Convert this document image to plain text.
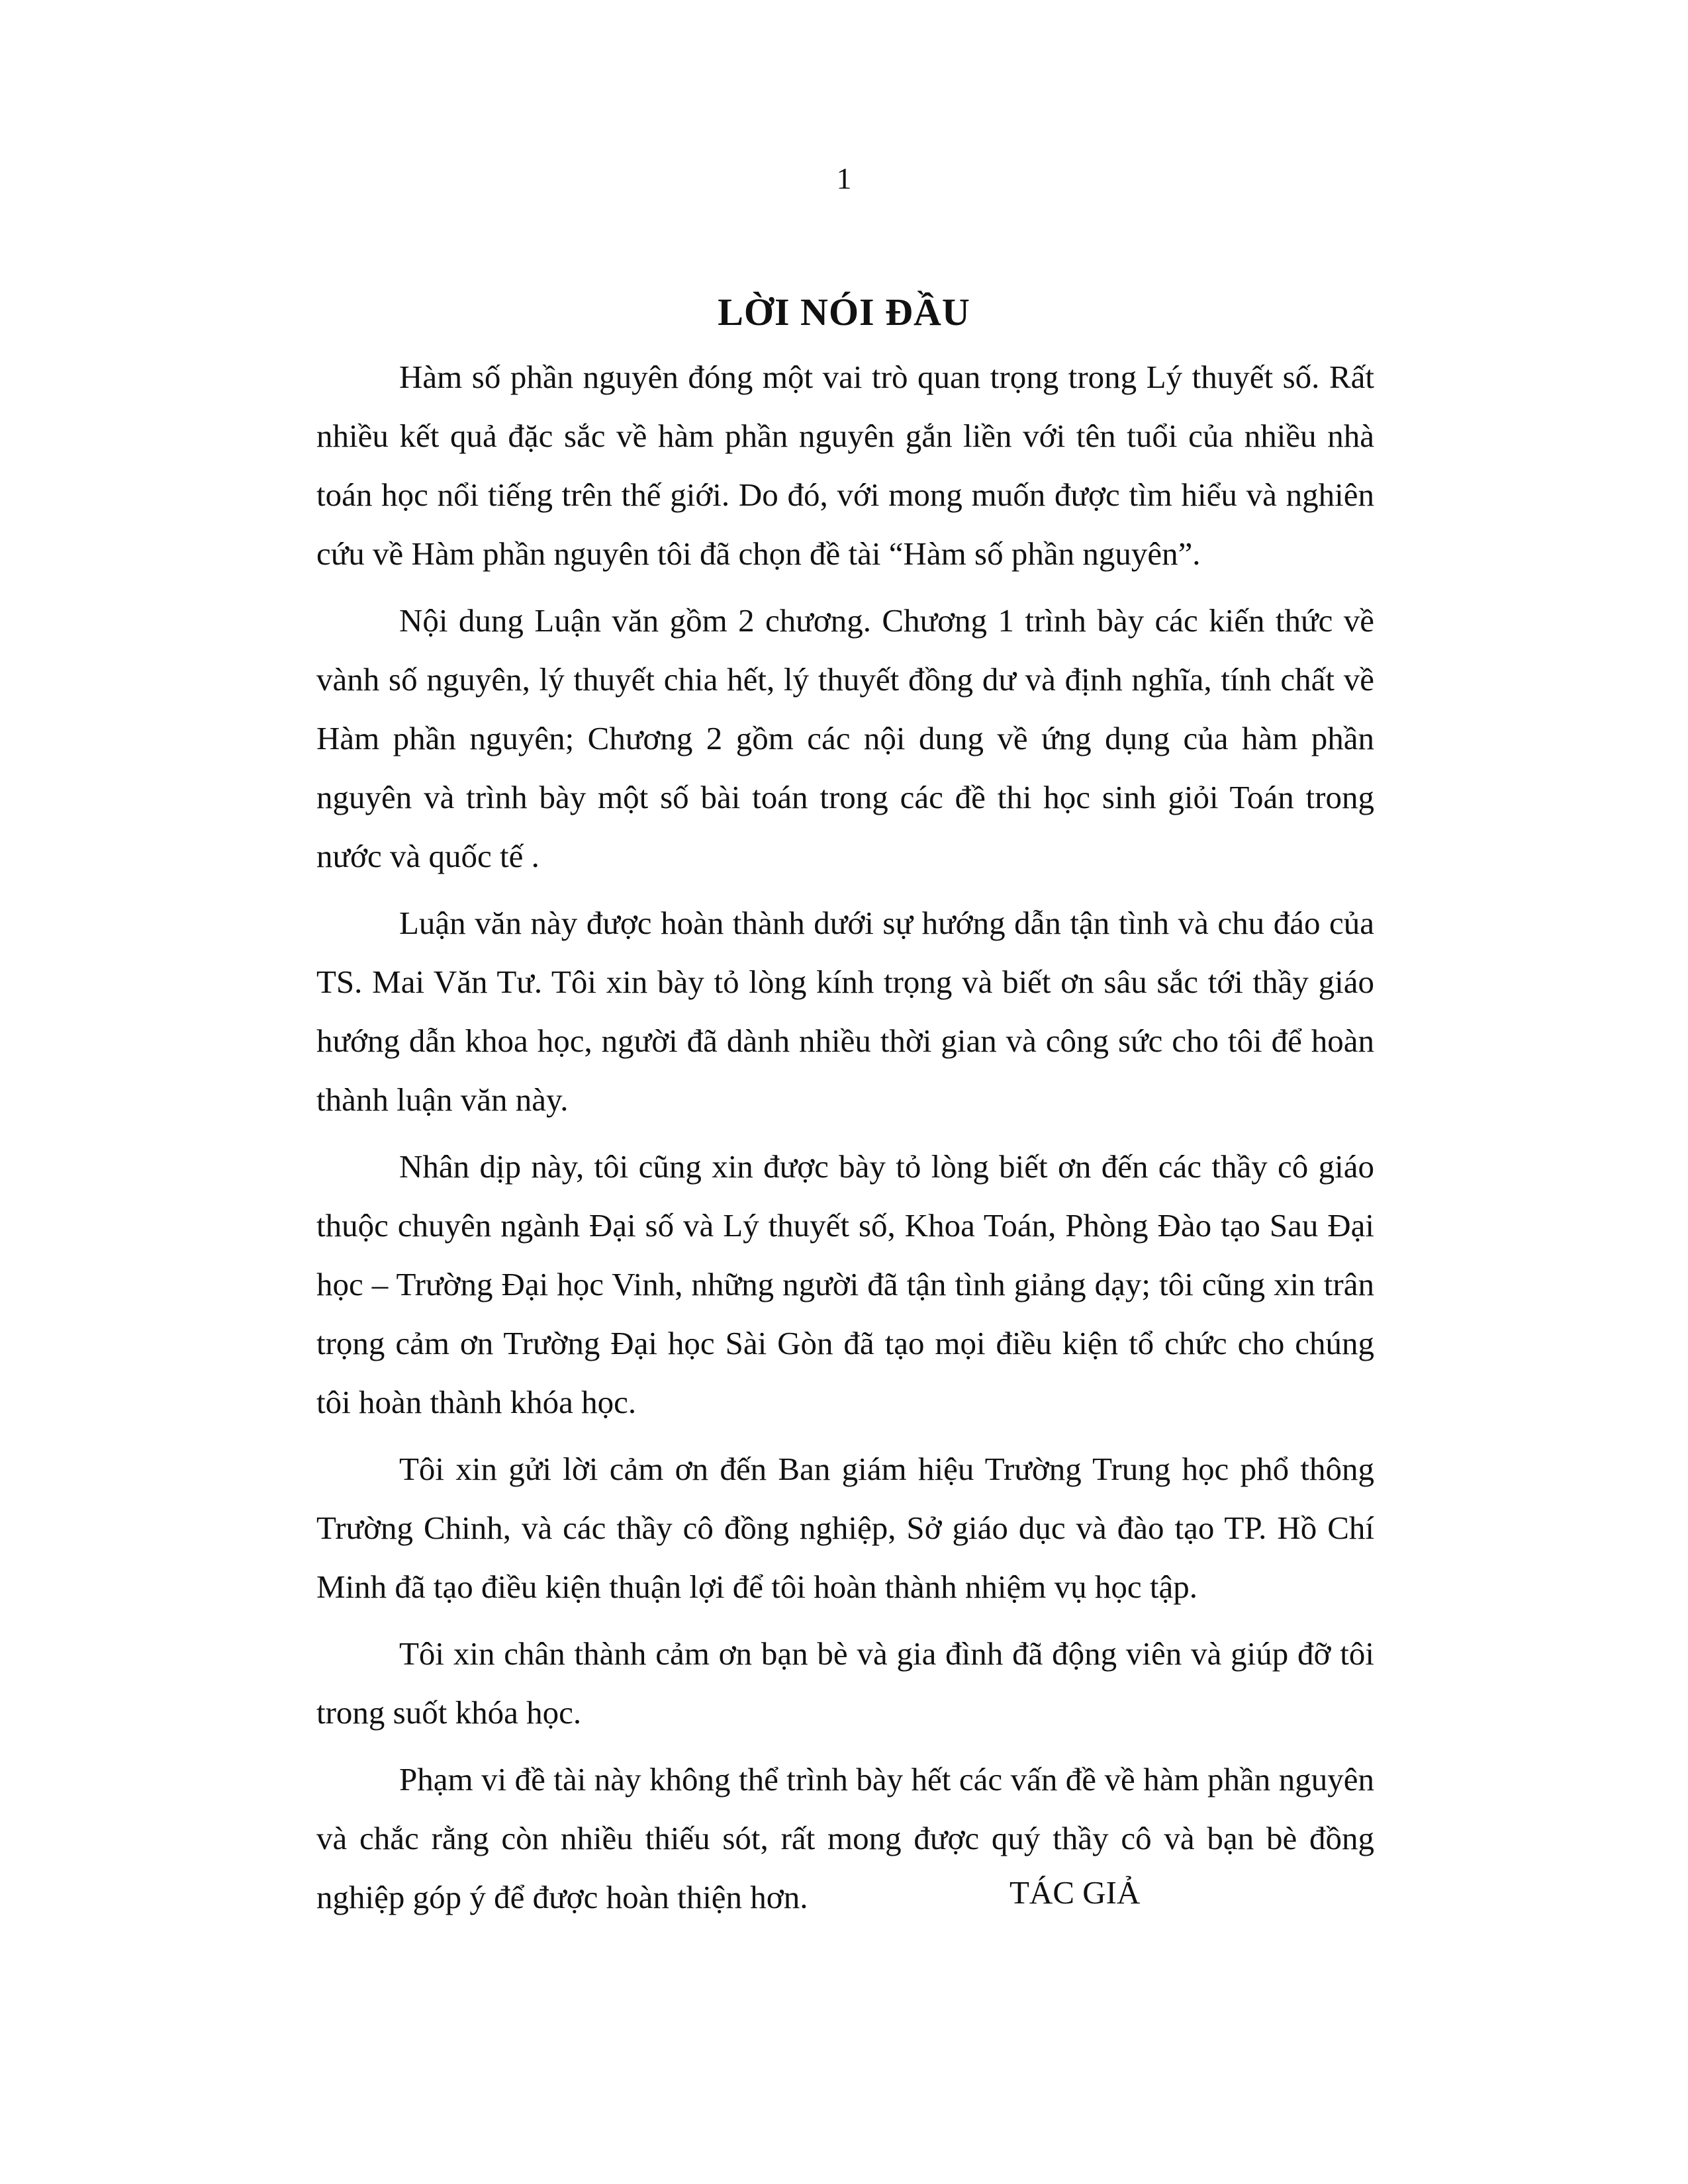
1
LỜI NÓI ĐẦU

Hàm số phần nguyên đóng một vai trò quan trọng trong Lý thuyết số. Rất nhiều kết quả đặc sắc về hàm phần nguyên gắn liền với tên tuổi của nhiều nhà toán học nổi tiếng trên thế giới. Do đó, với mong muốn được tìm hiểu và nghiên cứu về Hàm phần nguyên tôi đã chọn đề tài “Hàm số phần nguyên”.

Nội dung Luận văn gồm 2 chương. Chương 1 trình bày các kiến thức về vành số nguyên, lý thuyết chia hết, lý thuyết đồng dư và định nghĩa, tính chất về Hàm phần nguyên; Chương 2 gồm các nội dung về ứng dụng của hàm phần nguyên và trình bày một số bài toán trong các đề thi học sinh giỏi Toán trong nước và quốc tế .

Luận văn này được hoàn thành dưới sự hướng dẫn tận tình và chu đáo của TS. Mai Văn Tư. Tôi xin bày tỏ lòng kính trọng và biết ơn sâu sắc tới thầy giáo hướng dẫn khoa học, người đã dành nhiều thời gian và công sức cho tôi để hoàn thành luận văn này.

Nhân dịp này, tôi cũng xin được bày tỏ lòng biết ơn đến các thầy cô giáo thuộc chuyên ngành Đại số và Lý thuyết số, Khoa Toán, Phòng Đào tạo Sau Đại học – Trường Đại học Vinh, những người đã tận tình giảng dạy; tôi cũng xin trân trọng cảm ơn Trường Đại học Sài Gòn đã tạo mọi điều kiện tổ chức cho chúng tôi hoàn thành khóa học.

Tôi xin gửi lời cảm ơn đến Ban giám hiệu Trường Trung học phổ thông Trường Chinh, và các thầy cô đồng nghiệp, Sở giáo dục và đào tạo TP. Hồ Chí Minh đã tạo điều kiện thuận lợi để tôi hoàn thành nhiệm vụ học tập.

Tôi xin chân thành cảm ơn bạn bè và gia đình đã động viên và giúp đỡ tôi trong suốt khóa học.

Phạm vi đề tài này không thể trình bày hết các vấn đề về hàm phần nguyên và chắc rằng còn nhiều thiếu sót, rất mong được quý thầy cô và bạn bè đồng nghiệp góp ý để được hoàn thiện hơn.	TÁC GIẢ
